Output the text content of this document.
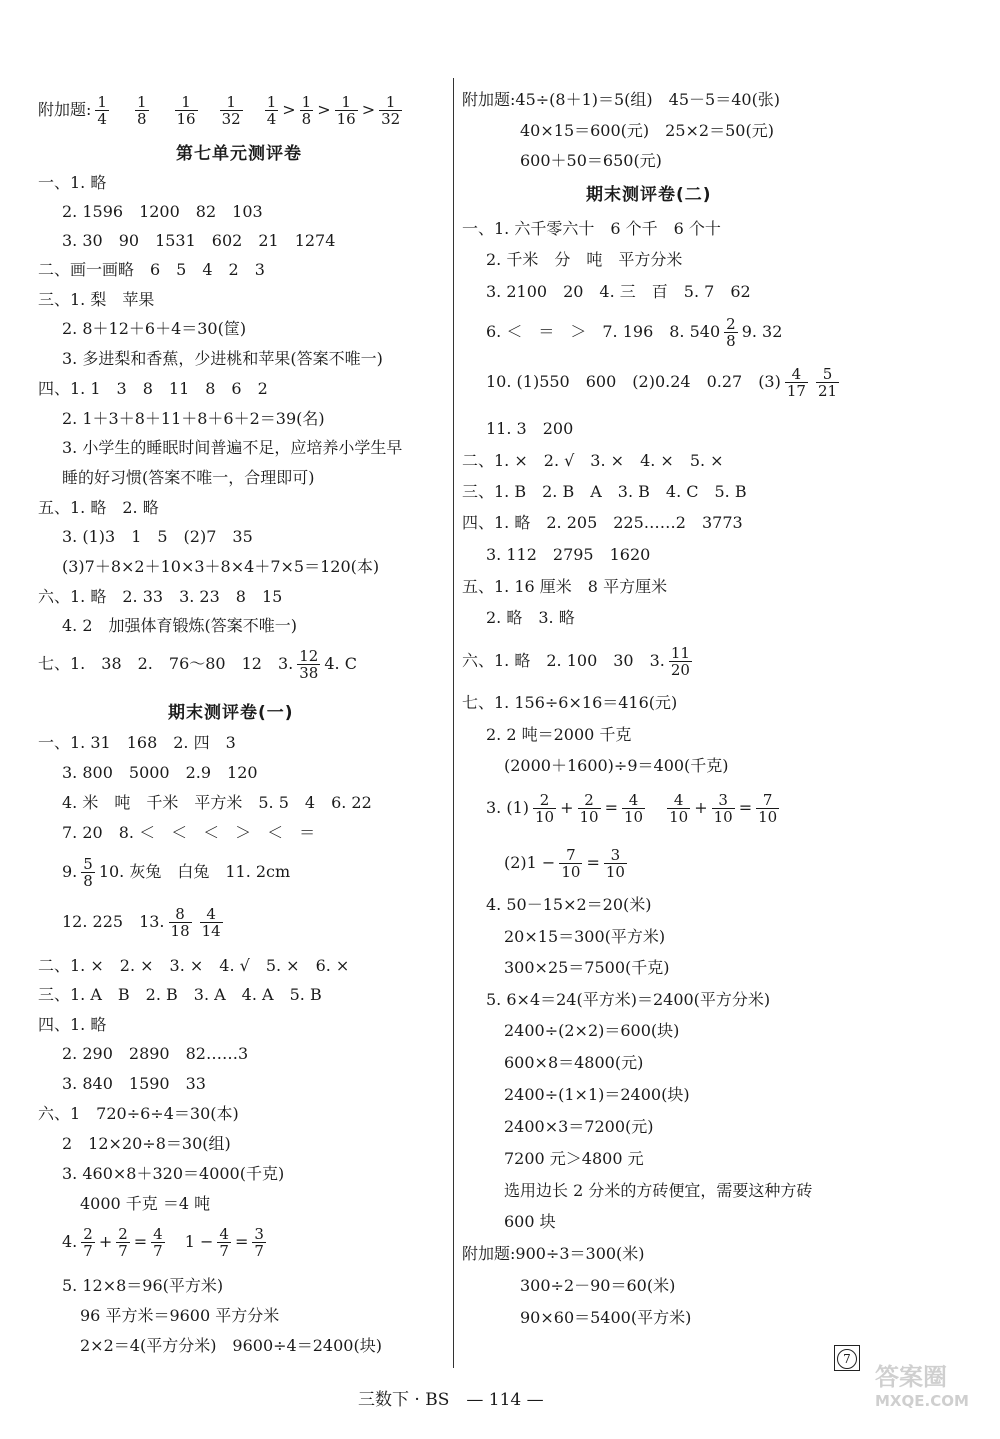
附加题: $\frac{1}{4} \frac{1}{8} \frac{1}{16} \frac{1}{32} \frac{1}{4} > \frac{1}{8} > \frac{1}{16} > \frac{1}{32}$
第七单元测评卷
一、1. 略
2. 1596　1200　82　103
3. 30　90　1531　602　21　1274
二、画一画略　6　5　4　2　3
三、1. 梨　苹果
2. 8＋12＋6＋4＝30(筐)
3. 多进梨和香蕉，少进桃和苹果(答案不唯一)
四、1. 1　3　8　11　8　6　2
2. 1＋3＋8＋11＋8＋6＋2＝39(名)
3. 小学生的睡眠时间普遍不足，应培养小学生早
睡的好习惯(答案不唯一，合理即可)
五、1. 略　2. 略
3. (1)3　1　5　(2)7　35
(3)7＋8×2＋10×3＋8×4＋7×5＝120(本)
六、1. 略　2. 33　3. 23　8　15
4. 2　加强体育锻炼(答案不唯一)
七、1.　38　2.　76～80　12　3. $\frac{12}{38} 4$. C
期末测评卷(一)
一、1. 31　168　2. 四　3
3. 800　5000　2.9　120
4. 米　吨　千米　平方米　5. 5　4　6. 22
7. 20　8. ＜　＜　＜　＞　＜　＝
9. $\frac{5}{8} 10$. 灰兔　白兔　11. 2cm
12. 225　13. $\frac{8}{18} \frac{4}{14}$
二、1. ×　2. ×　3. ×　4. √　5. ×　6. ×
三、1. A　B　2. B　3. A　4. A　5. B
四、1. 略
2. 290　2890　82……3
3. 840　1590　33
六、1　720÷6÷4＝30(本)
2　12×20÷8＝30(组)
3. 460×8＋320＝4000(千克)
4000 千克 ＝4 吨
4. $\frac{2}{7} + \frac{2}{7} = \frac{4}{7} 1 - \frac{4}{7} = \frac{3}{7}$
5. 12×8＝96(平方米)
96 平方米＝9600 平方分米
2×2＝4(平方分米)　9600÷4＝2400(块)
附加题:45÷(8＋1)＝5(组)　45－5＝40(张)
40×15＝600(元)　25×2＝50(元)
600＋50＝650(元)
期末测评卷(二)
一、1. 六千零六十　6 个千　6 个十
2. 千米　分　吨　平方分米
3. 2100　20　4. 三　百　5. 7　62
6. ＜　＝　＞　7. 196　8. $540 \frac{2}{8} 9$. 32
10. (1)550　600　(2)0.24　0.27　$(3) \frac{4}{17} \frac{5}{21}$
11. 3　200
二、1. ×　2. √　3. ×　4. ×　5. ×
三、1. B　2. B　A　3. B　4. C　5. B
四、1. 略　2. 205　225……2　3773
3. 112　2795　1620
五、1. 16 厘米　8 平方厘米
2. 略　3. 略
六、1. 略　2. 100　30　3. $\frac{11}{20}$
七、1. 156÷6×16＝416(元)
2. 2 吨＝2000 千克
(2000＋1600)÷9＝400(千克)
3. $(1) \frac{2}{10} + \frac{2}{10} = \frac{4}{10} \frac{4}{10} + \frac{3}{10} = \frac{7}{10}$
$(2)1 - \frac{7}{10} = \frac{3}{10}$
4. 50－15×2＝20(米)
20×15＝300(平方米)
300×25＝7500(千克)
5. 6×4＝24(平方米)＝2400(平方分米)
2400÷(2×2)＝600(块)
600×8＝4800(元)
2400÷(1×1)＝2400(块)
2400×3＝7200(元)
7200 元＞4800 元
选用边长 2 分米的方砖便宜，需要这种方砖
600 块
附加题:900÷3＝300(米)
300÷2－90＝60(米)
90×60＝5400(平方米)
7
三数下 · BS　— 114 —
答案圈
MXQE.COM
